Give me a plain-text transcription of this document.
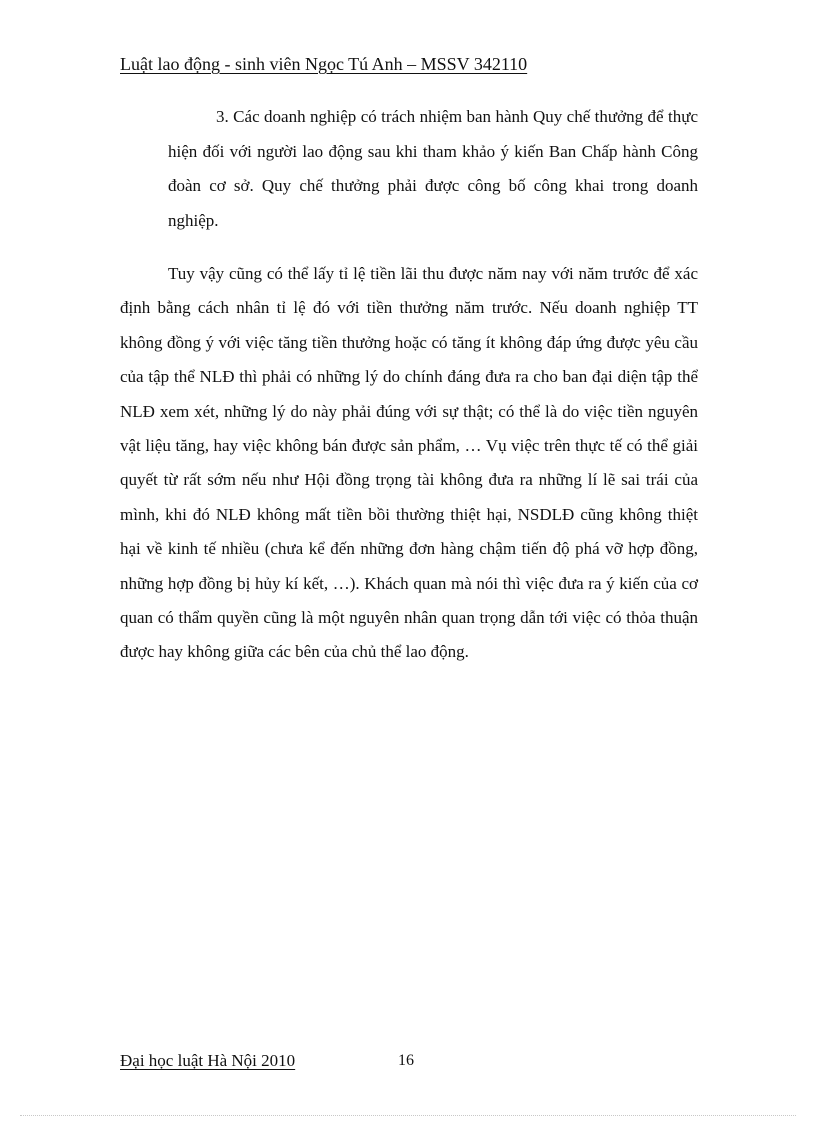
Luật lao động - sinh viên Ngọc Tú Anh – MSSV 342110

3. Các doanh nghiệp có trách nhiệm ban hành Quy chế thưởng để thực hiện đối với người lao động sau khi tham khảo ý kiến Ban Chấp hành Công đoàn cơ sở. Quy chế thưởng phải được công bố công khai trong doanh nghiệp.

Tuy vậy cũng có thể lấy tỉ lệ tiền lãi thu được năm nay với năm trước để xác định bằng cách nhân tỉ lệ đó với tiền thưởng năm trước. Nếu doanh nghiệp TT không đồng ý với việc tăng tiền thưởng hoặc có tăng ít không đáp ứng được yêu cầu của tập thể NLĐ thì phải có những lý do chính đáng đưa ra cho ban đại diện tập thể NLĐ xem xét, những lý do này phải đúng với sự thật; có thể là do việc tiền nguyên vật liệu tăng, hay việc không bán được sản phẩm, … Vụ việc trên thực tế có thể giải quyết từ rất sớm nếu như Hội đồng trọng tài không đưa ra những lí lẽ sai trái của mình, khi đó NLĐ không mất tiền bồi thường thiệt hại, NSDLĐ cũng không thiệt hại về kinh tế nhiều (chưa kể đến những đơn hàng chậm tiến độ phá vỡ hợp đồng, những hợp đồng bị hủy kí kết, …). Khách quan mà nói thì việc đưa ra ý kiến của cơ quan có thẩm quyền cũng là một nguyên nhân quan trọng dẫn tới việc có thỏa thuận được hay không giữa các bên của chủ thể lao động.

Đại học luật Hà Nội 2010	16
